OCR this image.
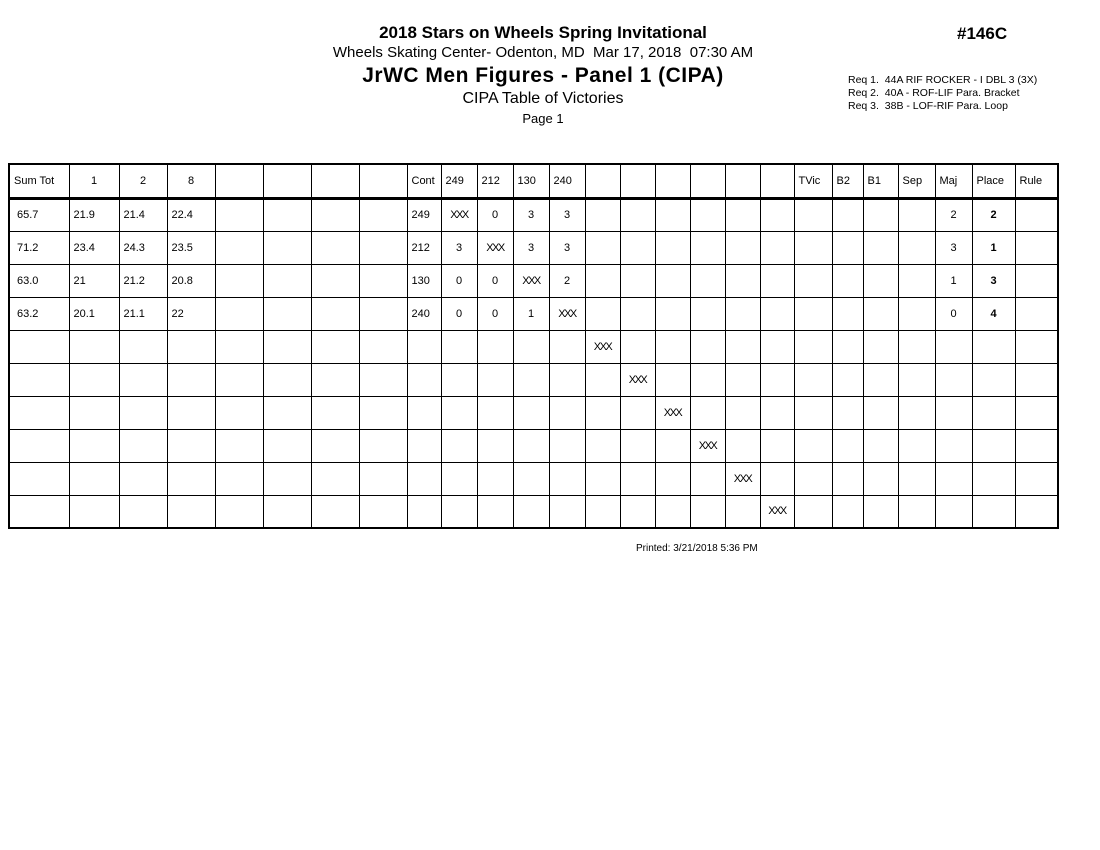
2018 Stars on Wheels Spring Invitational
Wheels Skating Center- Odenton, MD  Mar 17, 2018  07:30 AM
JrWC Men Figures - Panel 1 (CIPA)
CIPA Table of Victories
Page 1
#146C
Req 1.  44A RIF ROCKER - I DBL 3 (3X)
Req 2.  40A - ROF-LIF Para. Bracket
Req 3.  38B - LOF-RIF Para. Loop
Sum Tot	1	2	8					Cont	249	212	130	240							TVic	B2	B1	Sep	Maj	Place	Rule
65.7	21.9	21.4	22.4					249	XXX	0	3	3											2	2	
71.2	23.4	24.3	23.5					212	3	XXX	3	3											3	1	
63.0	21	21.2	20.8					130	0	0	XXX	2											1	3	
63.2	20.1	21.1	22					240	0	0	1	XXX											0	4	
													XXX												
														XXX											
															XXX										
																XXX									
																	XXX								
																		XXX							
Printed: 3/21/2018 5:36 PM
